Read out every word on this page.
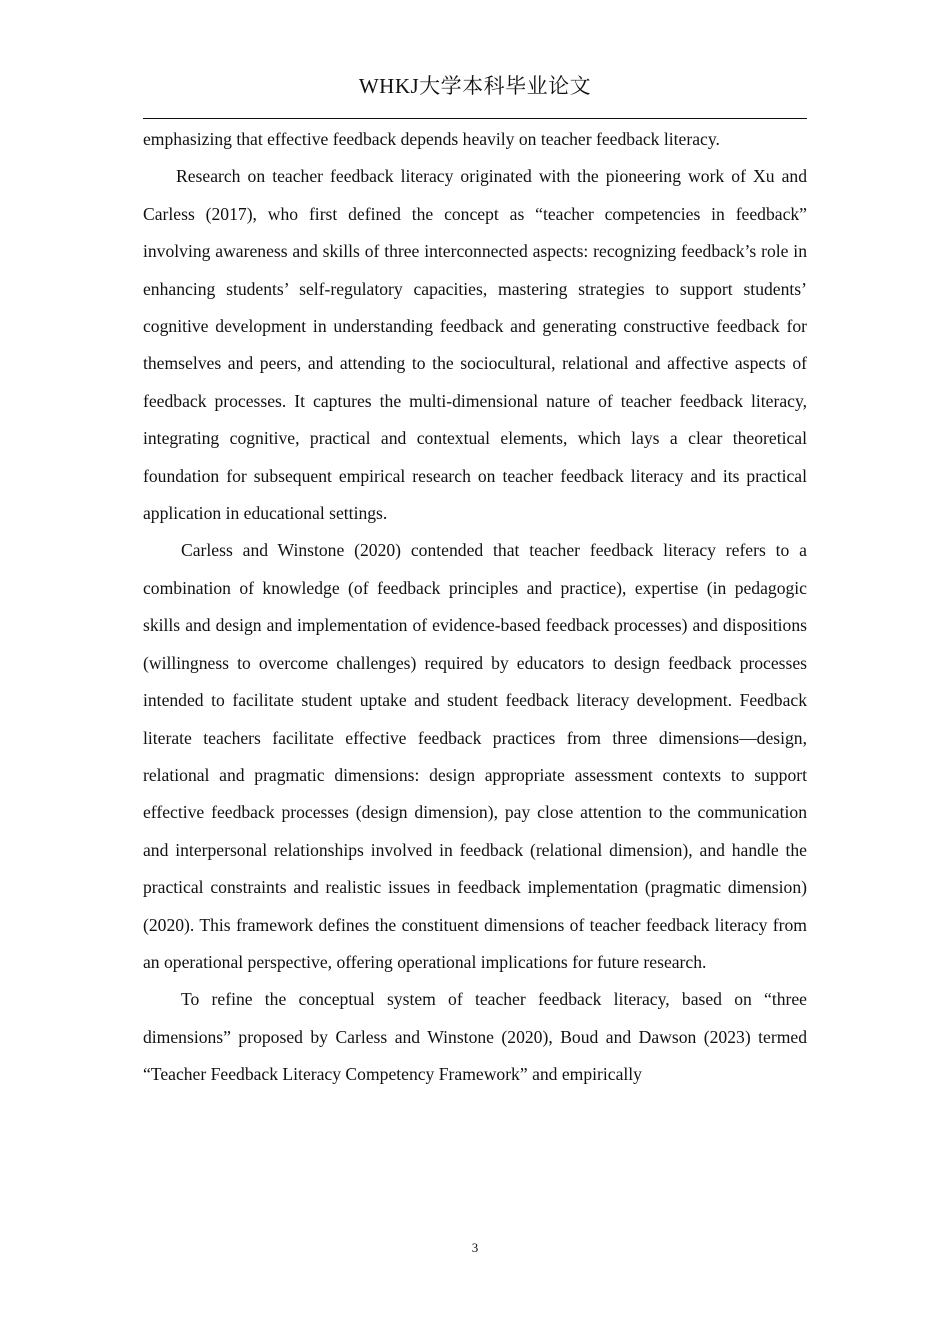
WHKJ大学本科毕业论文

emphasizing that effective feedback depends heavily on teacher feedback literacy.

Research on teacher feedback literacy originated with the pioneering work of Xu and Carless (2017), who first defined the concept as “teacher competencies in feedback” involving awareness and skills of three interconnected aspects: recognizing feedback’s role in enhancing students’ self-regulatory capacities, mastering strategies to support students’ cognitive development in understanding feedback and generating constructive feedback for themselves and peers, and attending to the sociocultural, relational and affective aspects of feedback processes. It captures the multi-dimensional nature of teacher feedback literacy, integrating cognitive, practical and contextual elements, which lays a clear theoretical foundation for subsequent empirical research on teacher feedback literacy and its practical application in educational settings.

Carless and Winstone (2020) contended that teacher feedback literacy refers to a combination of knowledge (of feedback principles and practice), expertise (in pedagogic skills and design and implementation of evidence-based feedback processes) and dispositions (willingness to overcome challenges) required by educators to design feedback processes intended to facilitate student uptake and student feedback literacy development. Feedback literate teachers facilitate effective feedback practices from three dimensions—design, relational and pragmatic dimensions: design appropriate assessment contexts to support effective feedback processes (design dimension), pay close attention to the communication and interpersonal relationships involved in feedback (relational dimension), and handle the practical constraints and realistic issues in feedback implementation (pragmatic dimension)(2020). This framework defines the constituent dimensions of teacher feedback literacy from an operational perspective, offering operational implications for future research.

To refine the conceptual system of teacher feedback literacy, based on “three dimensions” proposed by Carless and Winstone (2020), Boud and Dawson (2023) termed “Teacher Feedback Literacy Competency Framework” and empirically

3
